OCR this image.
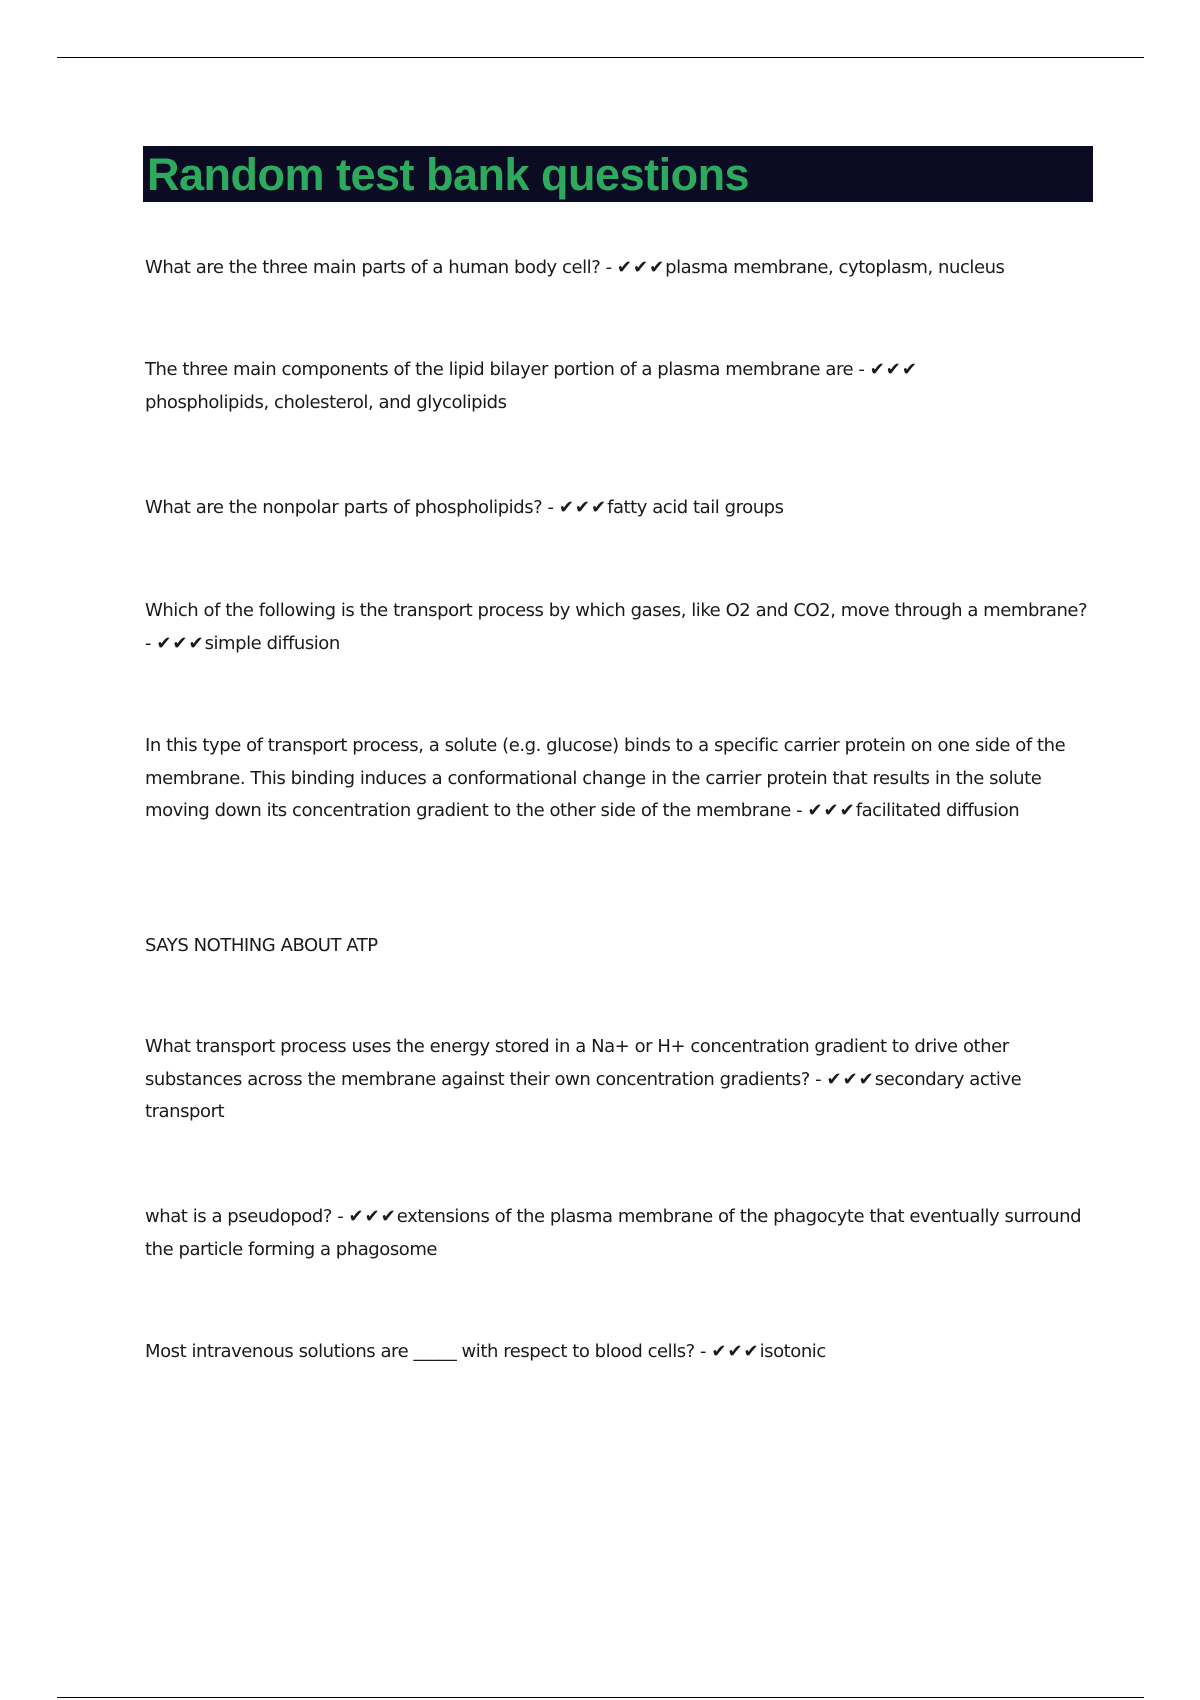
Random test bank questions

What are the three main parts of a human body cell? - ✔✔✔plasma membrane, cytoplasm, nucleus

The three main components of the lipid bilayer portion of a plasma membrane are - ✔✔✔
phospholipids, cholesterol, and glycolipids

What are the nonpolar parts of phospholipids? - ✔✔✔fatty acid tail groups

Which of the following is the transport process by which gases, like O2 and CO2, move through a membrane? - ✔✔✔simple diffusion

In this type of transport process, a solute (e.g. glucose) binds to a specific carrier protein on one side of the membrane. This binding induces a conformational change in the carrier protein that results in the solute moving down its concentration gradient to the other side of the membrane - ✔✔✔facilitated diffusion

SAYS NOTHING ABOUT ATP

What transport process uses the energy stored in a Na+ or H+ concentration gradient to drive other substances across the membrane against their own concentration gradients? - ✔✔✔secondary active transport

what is a pseudopod? - ✔✔✔extensions of the plasma membrane of the phagocyte that eventually surround the particle forming a phagosome

Most intravenous solutions are _____ with respect to blood cells? - ✔✔✔isotonic
